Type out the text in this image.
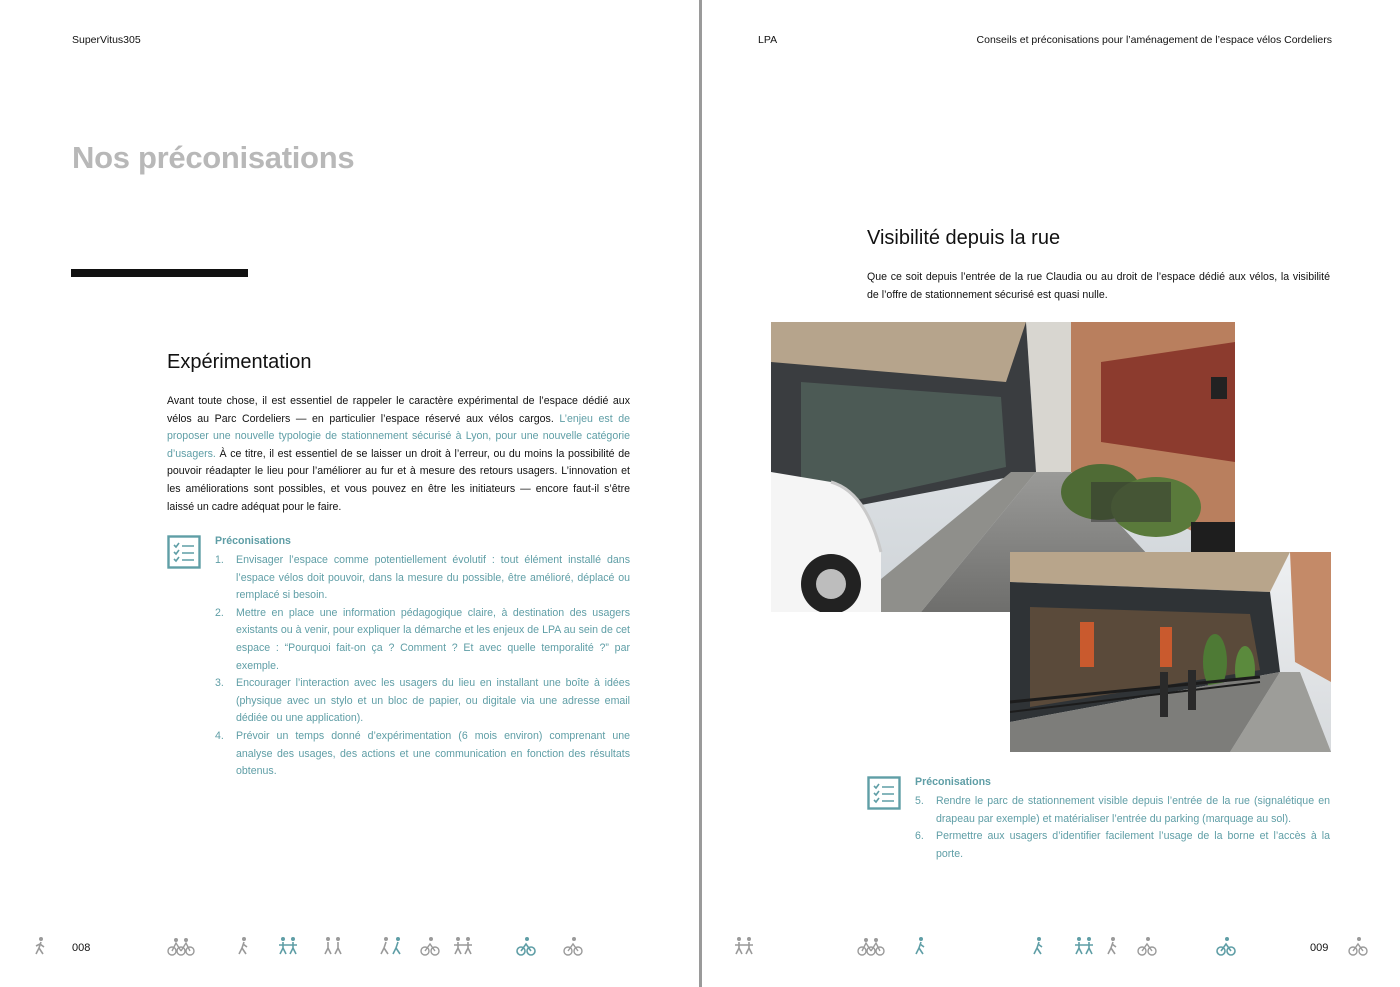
SuperVitus305
Nos préconisations
Expérimentation
Avant toute chose, il est essentiel de rappeler le caractère expérimental de l’espace dédié aux vélos au Parc Cordeliers — en particulier l’espace réservé aux vélos cargos. L’enjeu est de proposer une nouvelle typologie de stationnement sécurisé à Lyon, pour une nouvelle catégorie d’usagers. À ce titre, il est essentiel de se laisser un droit à l’erreur, ou du moins la possibilité de pouvoir réadapter le lieu pour l’améliorer au fur et à mesure des retours usagers. L’innovation et les améliorations sont possibles, et vous pouvez en être les initiateurs — encore faut-il s’être laissé un cadre adéquat pour le faire.
Préconisations
1. Envisager l’espace comme potentiellement évolutif : tout élément installé dans l’espace vélos doit pouvoir, dans la mesure du possible, être amélioré, déplacé ou remplacé si besoin.
2. Mettre en place une information pédagogique claire, à destination des usagers existants ou à venir, pour expliquer la démarche et les enjeux de LPA au sein de cet espace : “Pourquoi fait-on ça ? Comment ? Et avec quelle temporalité ?” par exemple.
3. Encourager l’interaction avec les usagers du lieu en installant une boîte à idées (physique avec un stylo et un bloc de papier, ou digitale via une adresse email dédiée ou une application).
4. Prévoir un temps donné d’expérimentation (6 mois environ) comprenant une analyse des usages, des actions et une communication en fonction des résultats obtenus.
008
LPA	Conseils et préconisations pour l’aménagement de l’espace vélos Cordeliers
Visibilité depuis la rue
Que ce soit depuis l’entrée de la rue Claudia ou au droit de l’espace dédié aux vélos, la visibilité de l’offre de stationnement sécurisé est quasi nulle.
Préconisations
5. Rendre le parc de stationnement visible depuis l’entrée de la rue (signalétique en drapeau par exemple) et matérialiser l’entrée du parking (marquage au sol).
6. Permettre aux usagers d’identifier facilement l’usage de la borne et l’accès à la porte.
009
